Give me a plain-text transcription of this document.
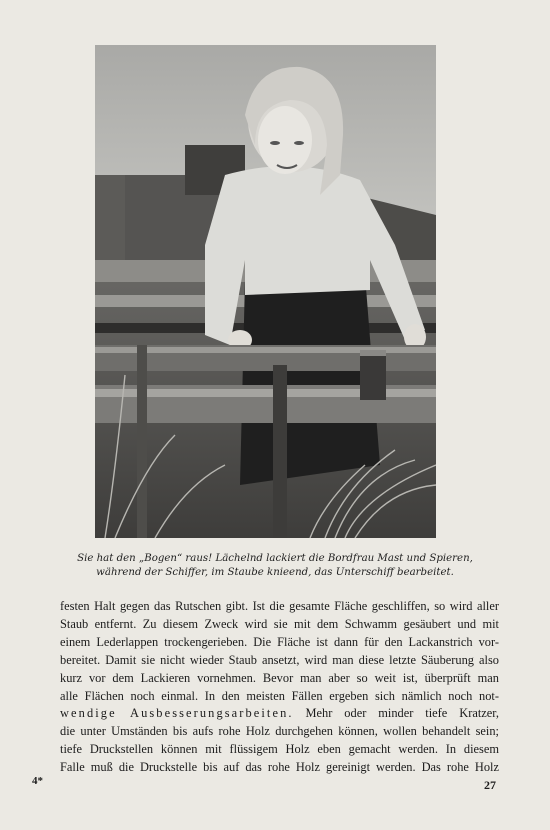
Sie hat den „Bogen“ raus! Lächelnd lackiert die Bordfrau Mast und Spieren,
während der Schiffer, im Staube knieend, das Unterschiff bearbeitet.
festen Halt gegen das Rutschen gibt. Ist die gesamte Fläche geschliffen, so wird aller
Staub entfernt. Zu diesem Zweck wird sie mit dem Schwamm gesäubert und mit
einem Lederlappen trockengerieben. Die Fläche ist dann für den Lackanstrich vor-
bereitet. Damit sie nicht wieder Staub ansetzt, wird man diese letzte Säuberung also
kurz vor dem Lackieren vornehmen. Bevor man aber so weit ist, überprüft man
alle Flächen noch einmal. In den meisten Fällen ergeben sich nämlich noch not-
wendige Ausbesserungsarbeiten. Mehr oder minder tiefe Kratzer,
die unter Umständen bis aufs rohe Holz durchgehen können, wollen behandelt sein;
tiefe Druckstellen können mit flüssigem Holz eben gemacht werden. In diesem
Falle muß die Druckstelle bis auf das rohe Holz gereinigt werden. Das rohe Holz
4*	27
